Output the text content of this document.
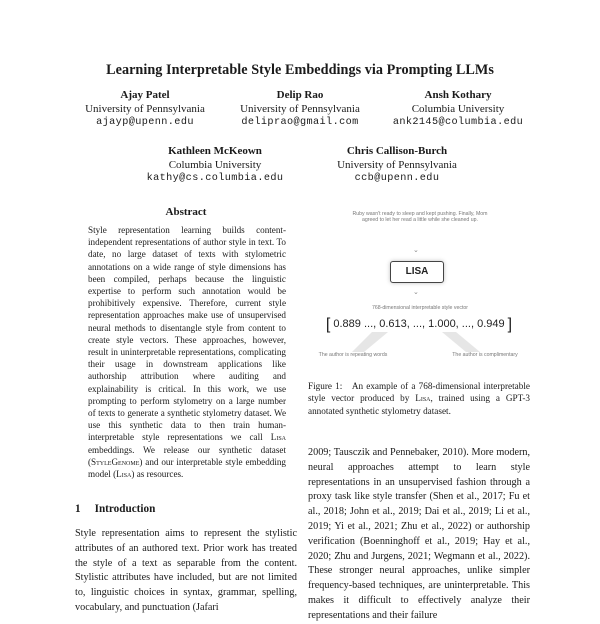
Learning Interpretable Style Embeddings via Prompting LLMs
Ajay Patel
University of Pennsylvania
ajayp@upenn.edu
Delip Rao
University of Pennsylvania
deliprao@gmail.com
Ansh Kothary
Columbia University
ank2145@columbia.edu
Kathleen McKeown
Columbia University
kathy@cs.columbia.edu
Chris Callison-Burch
University of Pennsylvania
ccb@upenn.edu
Abstract

Style representation learning builds content-independent representations of author style in text. To date, no large dataset of texts with stylometric annotations on a wide range of style dimensions has been compiled, perhaps because the linguistic expertise to perform such annotation would be prohibitively expensive. Therefore, current style representation approaches make use of unsupervised neural methods to disentangle style from content to create style vectors. These approaches, however, result in uninterpretable representations, complicating their usage in downstream applications like authorship attribution where auditing and explainability is critical. In this work, we use prompting to perform stylometry on a large number of texts to generate a synthetic stylometry dataset. We use this synthetic data to then train human-interpretable style representations we call Lisa embeddings. We release our synthetic dataset (StyleGenome) and our interpretable style embedding model (Lisa) as resources.

1 Introduction

Style representation aims to represent the stylistic attributes of an authored text. Prior work has treated the style of a text as separable from the content. Stylistic attributes have included, but are not limited to, linguistic choices in syntax, grammar, spelling, vocabulary, and punctuation (Jafari

Ruby wasn't ready to sleep and kept pushing. Finally, Mom agreed to let her read a little while she cleaned up.
⌄
LISA
⌄
768-dimensional interpretable style vector
[ 0.889 ..., 0.613, ..., 1.000, ..., 0.949 ]
The author is repeating words	The author is complimentary
Figure 1: An example of a 768-dimensional interpretable style vector produced by Lisa, trained using a GPT-3 annotated synthetic stylometry dataset.

2009; Tausczik and Pennebaker, 2010). More modern, neural approaches attempt to learn style representations in an unsupervised fashion through a proxy task like style transfer (Shen et al., 2017; Fu et al., 2018; John et al., 2019; Dai et al., 2019; Li et al., 2019; Yi et al., 2021; Zhu et al., 2022) or authorship verification (Boenninghoff et al., 2019; Hay et al., 2020; Zhu and Jurgens, 2021; Wegmann et al., 2022). These stronger neural approaches, unlike simpler frequency-based techniques, are uninterpretable. This makes it difficult to effectively analyze their representations and their failure
